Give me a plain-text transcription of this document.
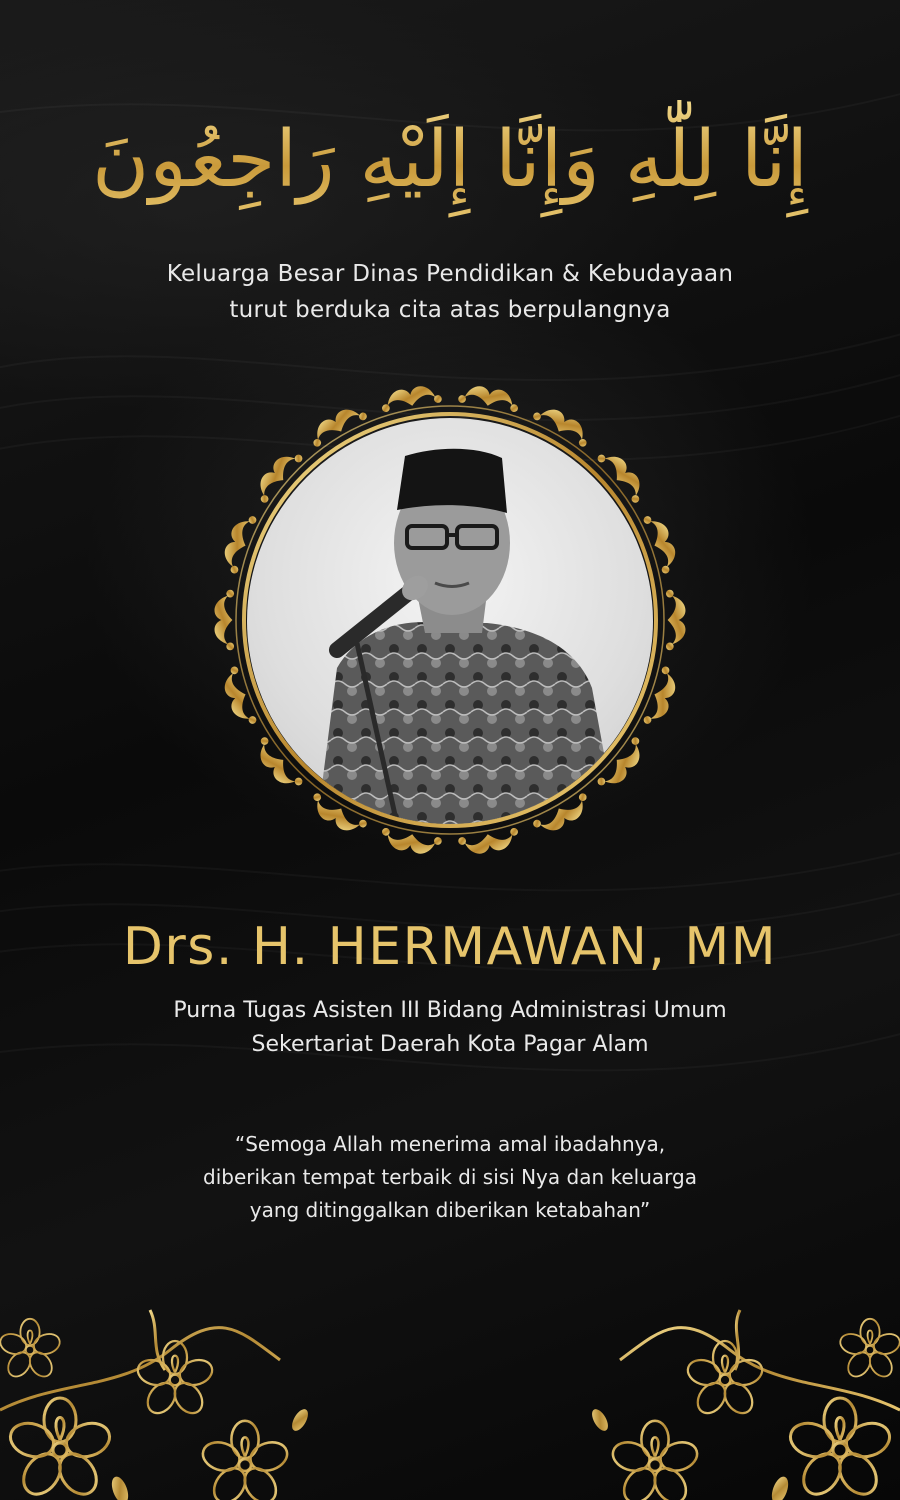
إِنَّا لِلّٰهِ وَإِنَّا إِلَيْهِ رَاجِعُونَ
Keluarga Besar Dinas Pendidikan & Kebudayaan
turut berduka cita atas berpulangnya
Drs. H. HERMAWAN, MM
Purna Tugas Asisten III Bidang Administrasi Umum
Sekertariat Daerah Kota Pagar Alam
“Semoga Allah menerima amal ibadahnya,
diberikan tempat terbaik di sisi Nya dan keluarga
yang ditinggalkan diberikan ketabahan”
